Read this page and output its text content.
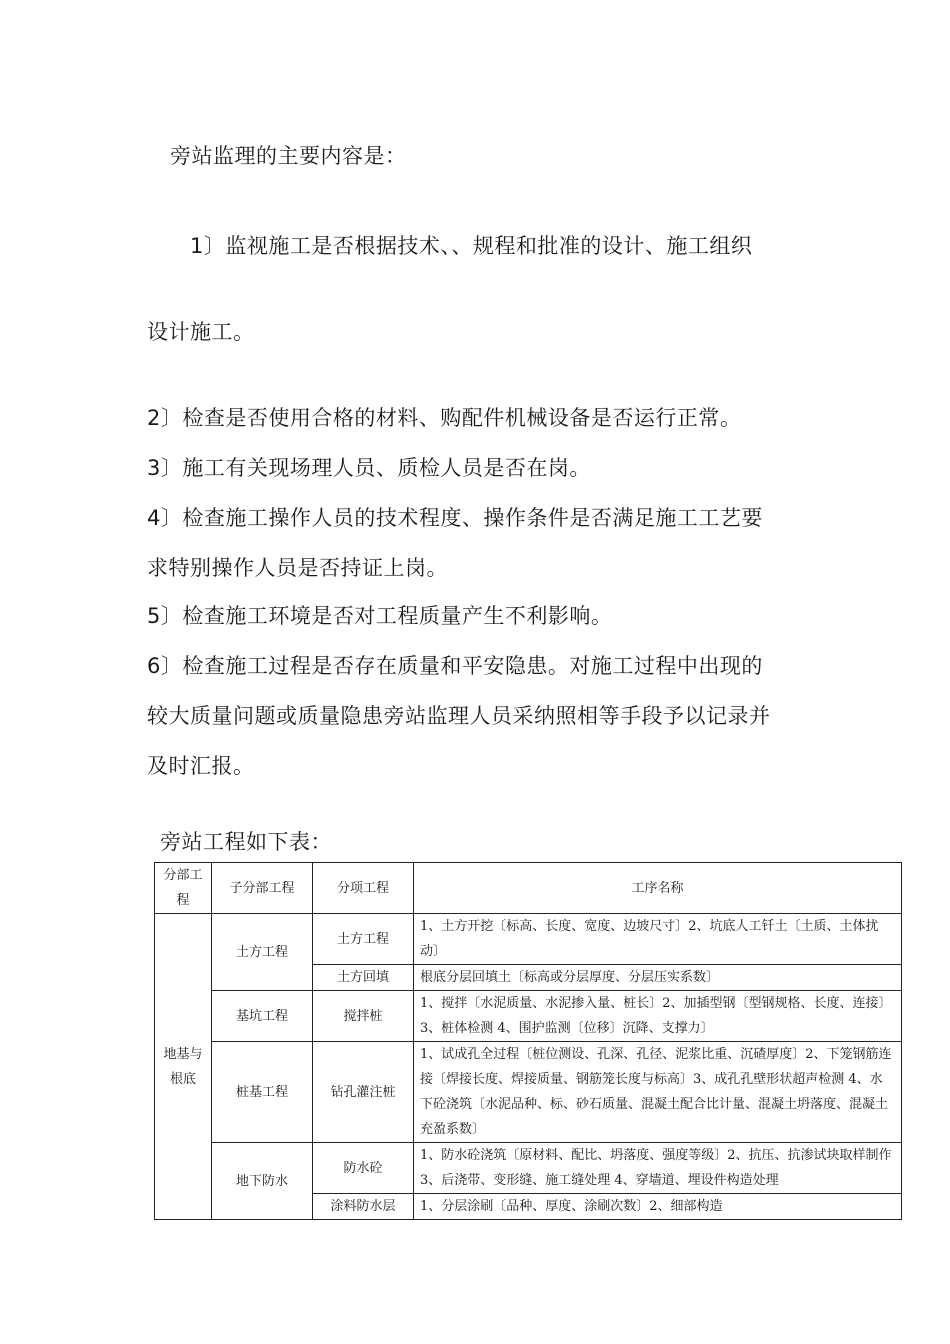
旁站监理的主要内容是：
1〕监视施工是否根据技术、、规程和批准的设计、施工组织
设计施工。
2〕检查是否使用合格的材料、购配件机械设备是否运行正常。
3〕施工有关现场理人员、质检人员是否在岗。
4〕检查施工操作人员的技术程度、操作条件是否满足施工工艺要
求特别操作人员是否持证上岗。
5〕检查施工环境是否对工程质量产生不利影响。
6〕检查施工过程是否存在质量和平安隐患。对施工过程中出现的
较大质量问题或质量隐患旁站监理人员采纳照相等手段予以记录并
及时汇报。
旁站工程如下表：
分部工程	子分部工程	分项工程	工序名称
地基与根底	土方工程	土方工程	1、土方开挖〔标高、长度、宽度、边坡尺寸〕2、坑底人工钎土〔土质、土体扰动〕
		土方回填	根底分层回填土〔标高或分层厚度、分层压实系数〕
	基坑工程	搅拌桩	1、搅拌〔水泥质量、水泥掺入量、桩长〕2、加插型钢〔型钢规格、长度、连接〕3、桩体检测 4、围护监测〔位移〕沉降、支撑力〕
	桩基工程	钻孔灌注桩	1、试成孔全过程〔桩位测设、孔深、孔径、泥浆比重、沉碴厚度〕2、下笼钢筋连接〔焊接长度、焊接质量、钢筋笼长度与标高〕3、成孔孔壁形状超声检测 4、水下砼浇筑〔水泥品种、标、砂石质量、混凝土配合比计量、混凝土坍落度、混凝土充盈系数〕
	地下防水	防水砼	1、防水砼浇筑〔原材料、配比、坍落度、强度等级〕2、抗压、抗渗试块取样制作 3、后浇带、变形缝、施工缝处理 4、穿墙道、埋设件构造处理
		涂料防水层	1、分层涂刷〔品种、厚度、涂刷次数〕2、细部构造
